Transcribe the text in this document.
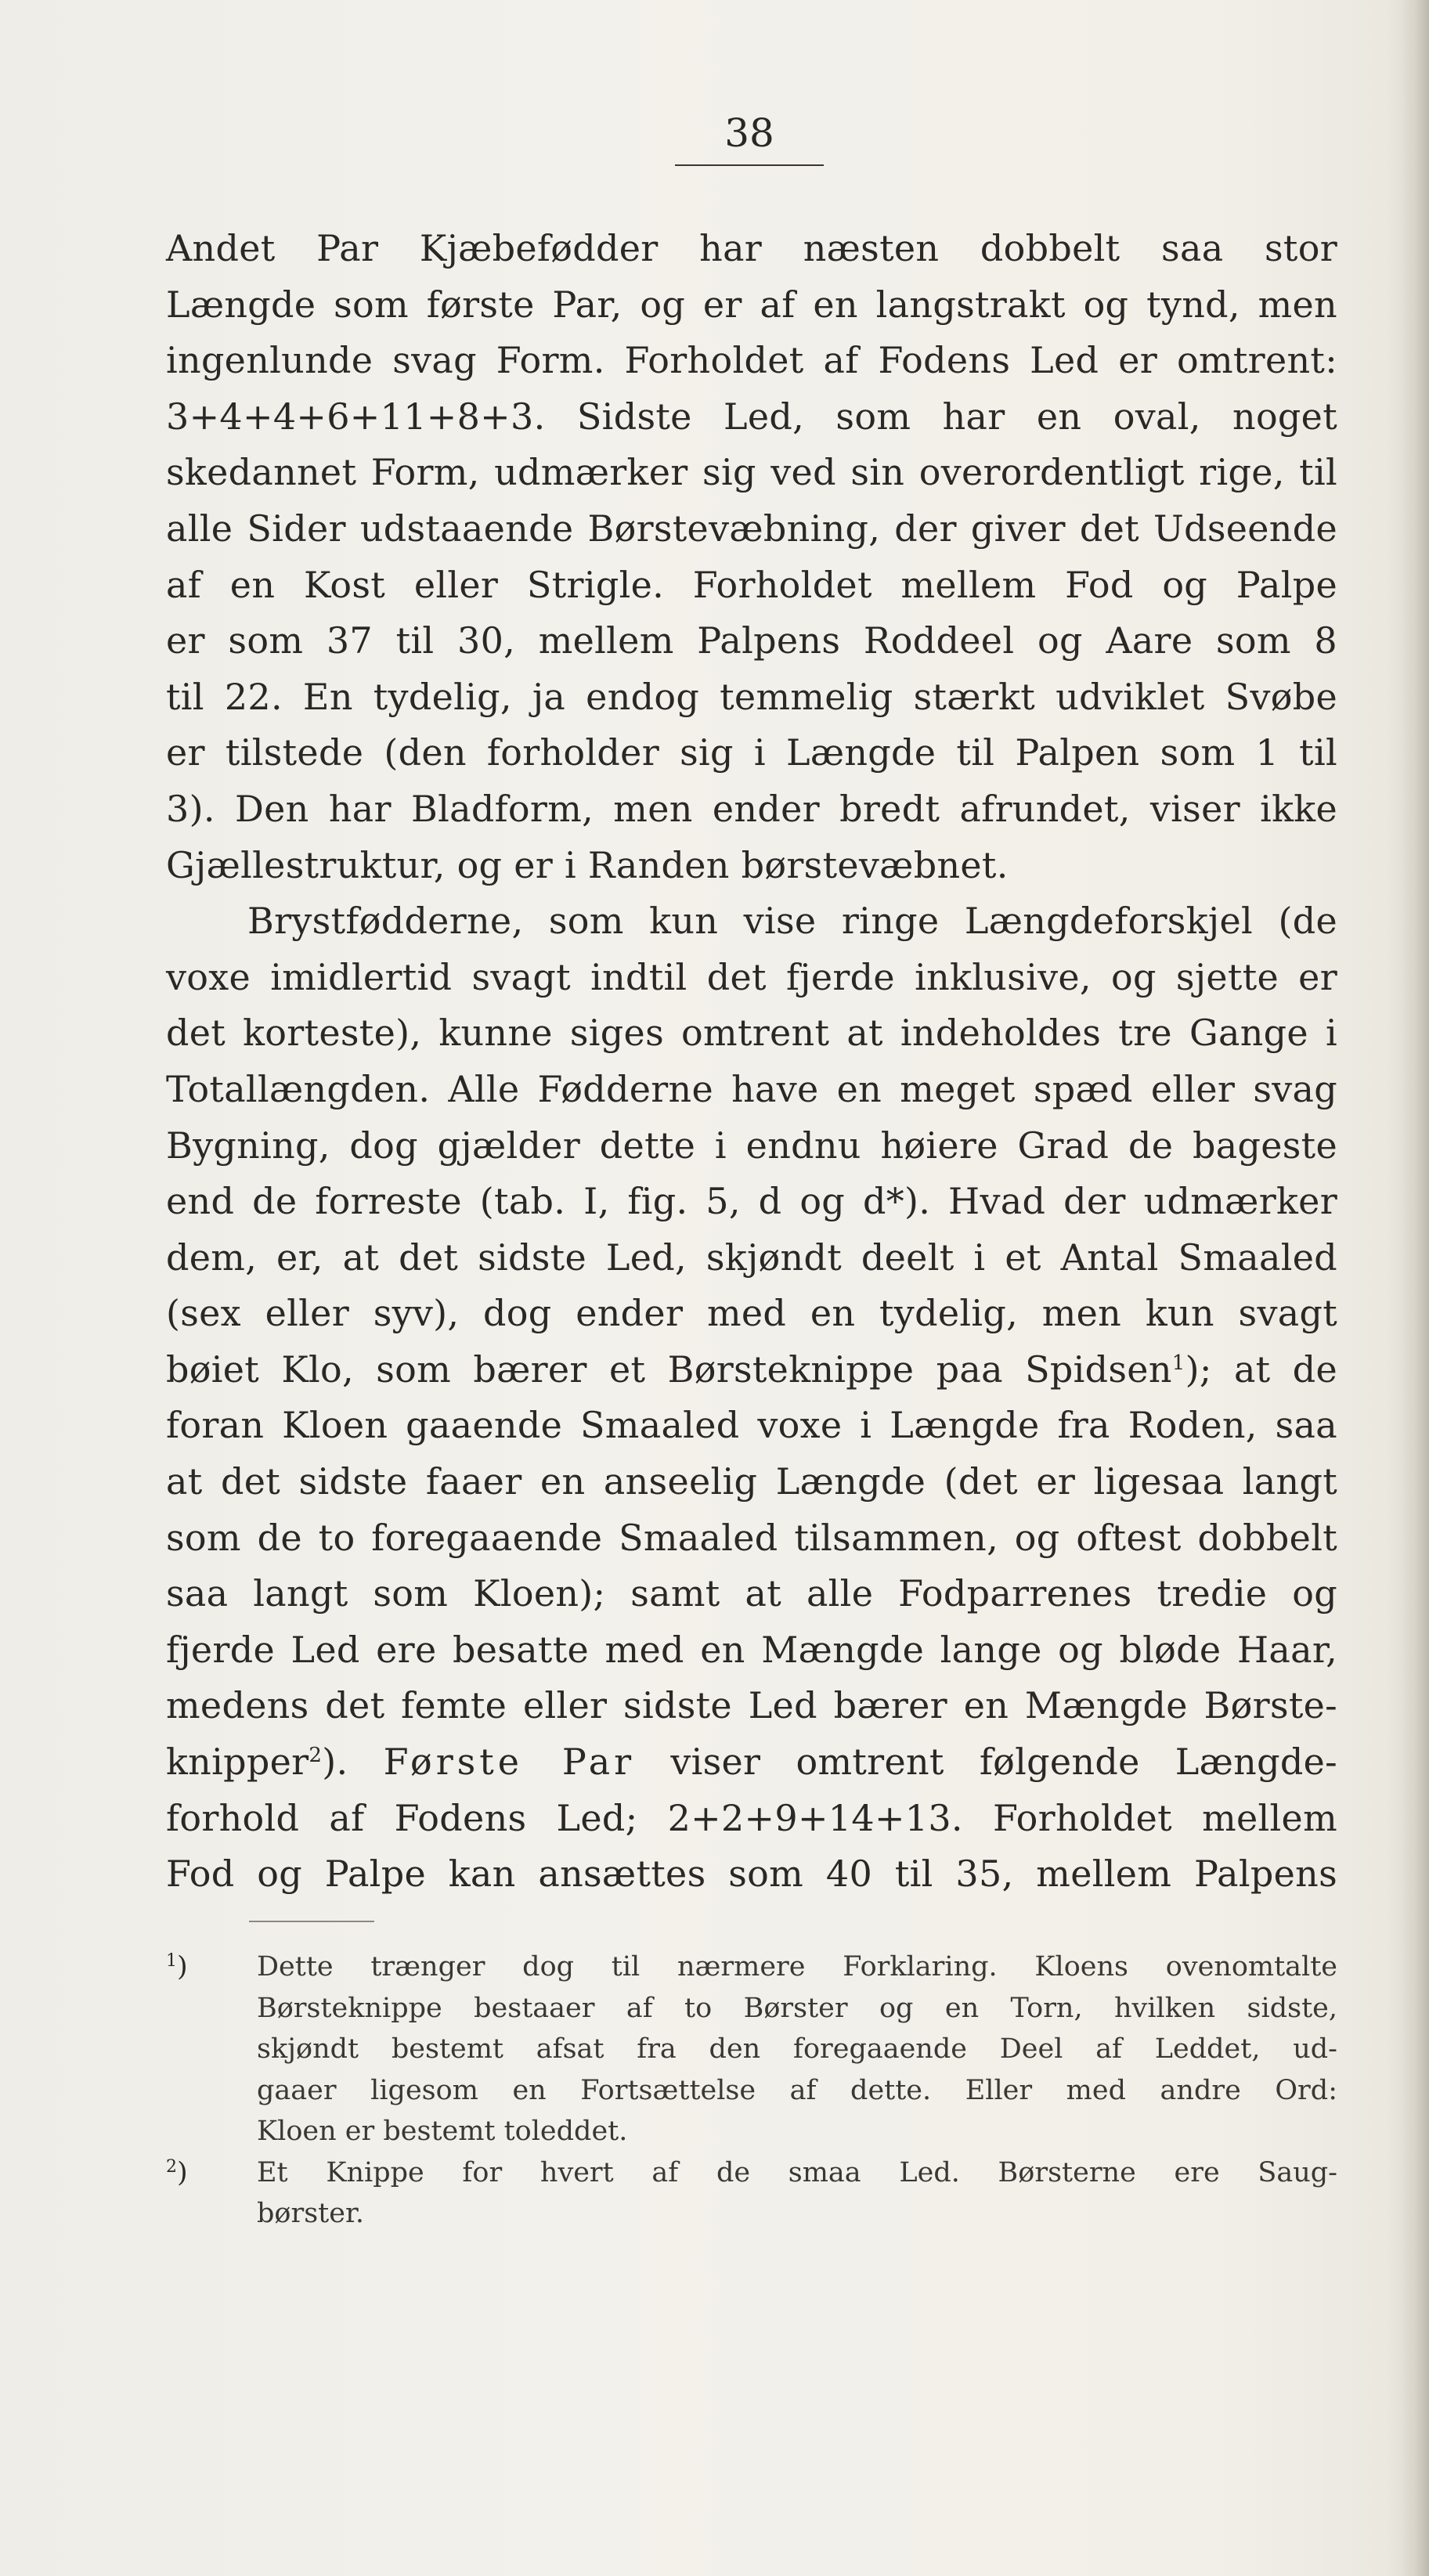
38

Andet Par Kjæbefødder har næsten dobbelt saa stor
Længde som første Par, og er af en langstrakt og tynd, men
ingenlunde svag Form. Forholdet af Fodens Led er omtrent:
3+4+4+6+11+8+3. Sidste Led, som har en oval, noget
skedannet Form, udmærker sig ved sin overordentligt rige, til
alle Sider udstaaende Børstevæbning, der giver det Udseende
af en Kost eller Strigle. Forholdet mellem Fod og Palpe
er som 37 til 30, mellem Palpens Roddeel og Aare som 8
til 22. En tydelig, ja endog temmelig stærkt udviklet Svøbe
er tilstede (den forholder sig i Længde til Palpen som 1 til
3). Den har Bladform, men ender bredt afrundet, viser ikke
Gjællestruktur, og er i Randen børstevæbnet.
Brystfødderne, som kun vise ringe Længdeforskjel (de
voxe imidlertid svagt indtil det fjerde inklusive, og sjette er
det korteste), kunne siges omtrent at indeholdes tre Gange i
Totallængden. Alle Fødderne have en meget spæd eller svag
Bygning, dog gjælder dette i endnu høiere Grad de bageste
end de forreste (tab. I, fig. 5, d og d*). Hvad der udmærker
dem, er, at det sidste Led, skjøndt deelt i et Antal Smaaled
(sex eller syv), dog ender med en tydelig, men kun svagt
bøiet Klo, som bærer et Børsteknippe paa Spidsen$^1$); at de
foran Kloen gaaende Smaaled voxe i Længde fra Roden, saa
at det sidste faaer en anseelig Længde (det er ligesaa langt
som de to foregaaende Smaaled tilsammen, og oftest dobbelt
saa langt som Kloen); samt at alle Fodparrenes tredie og
fjerde Led ere besatte med en Mængde lange og bløde Haar,
medens det femte eller sidste Led bærer en Mængde Børste-
knipper$^2$). Første Par viser omtrent følgende Længde-
forhold af Fodens Led; 2+2+9+14+13. Forholdet mellem
Fod og Palpe kan ansættes som 40 til 35, mellem Palpens
$^1$)	Dette trænger dog til nærmere Forklaring. Kloens ovenomtalte
Børsteknippe bestaaer af to Børster og en Torn, hvilken sidste,
skjøndt bestemt afsat fra den foregaaende Deel af Leddet, ud-
gaaer ligesom en Fortsættelse af dette. Eller med andre Ord:
Kloen er bestemt toleddet.
$^2$)	Et Knippe for hvert af de smaa Led. Børsterne ere Saug-
børster.
